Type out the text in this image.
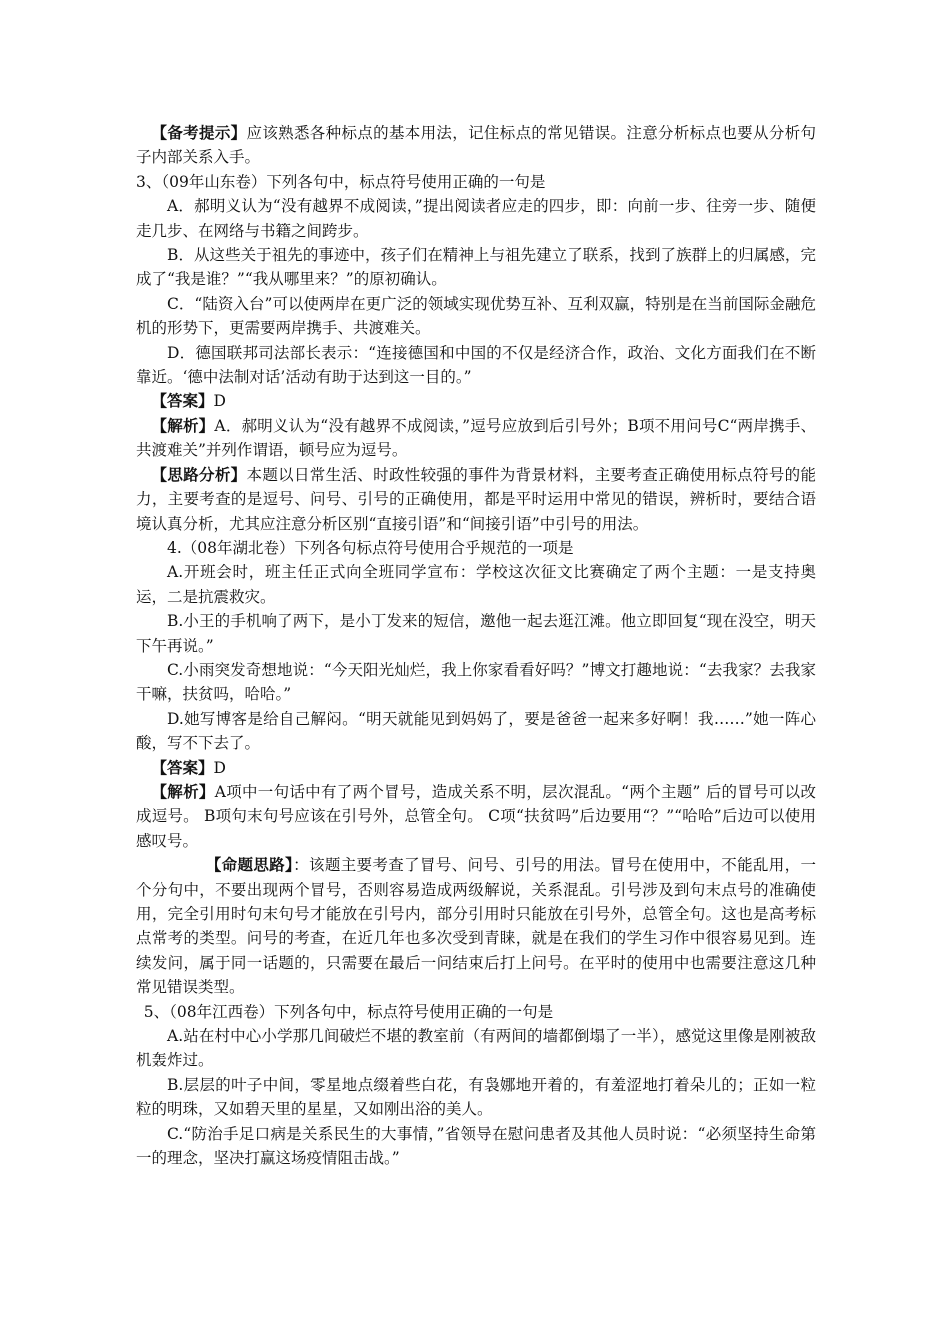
【备考提示】应该熟悉各种标点的基本用法，记住标点的常见错误。注意分析标点也要从分析句子内部关系入手。

3、（09年山东卷）下列各句中，标点符号使用正确的一句是

A．郝明义认为“没有越界不成阅读，”提出阅读者应走的四步，即：向前一步、往旁一步、随便走几步、在网络与书籍之间跨步。

B．从这些关于祖先的事迹中，孩子们在精神上与祖先建立了联系，找到了族群上的归属感，完成了“我是谁？”“我从哪里来？”的原初确认。

C．“陆资入台”可以使两岸在更广泛的领域实现优势互补、互利双赢，特别是在当前国际金融危机的形势下，更需要两岸携手、共渡难关。

D．德国联邦司法部长表示：“连接德国和中国的不仅是经济合作，政治、文化方面我们在不断靠近。‘德中法制对话’活动有助于达到这一目的。”

【答案】D

【解析】A．郝明义认为“没有越界不成阅读，”逗号应放到后引号外；B项不用问号C“两岸携手、共渡难关”并列作谓语，顿号应为逗号。

【思路分析】本题以日常生活、时政性较强的事件为背景材料，主要考查正确使用标点符号的能力，主要考查的是逗号、问号、引号的正确使用，都是平时运用中常见的错误，辨析时，要结合语境认真分析，尤其应注意分析区别“直接引语”和“间接引语”中引号的用法。

4.（08年湖北卷）下列各句标点符号使用合乎规范的一项是

A.开班会时，班主任正式向全班同学宣布：学校这次征文比赛确定了两个主题：一是支持奥运，二是抗震救灾。

B.小王的手机响了两下，是小丁发来的短信，邀他一起去逛江滩。他立即回复“现在没空，明天下午再说。”

C.小雨突发奇想地说：“今天阳光灿烂，我上你家看看好吗？”博文打趣地说：“去我家？去我家干嘛，扶贫吗，哈哈。”

D.她写博客是给自己解闷。“明天就能见到妈妈了，要是爸爸一起来多好啊！我……”她一阵心酸，写不下去了。

【答案】D

【解析】A项中一句话中有了两个冒号，造成关系不明，层次混乱。“两个主题” 后的冒号可以改成逗号。 B项句末句号应该在引号外，总管全句。 C项“扶贫吗”后边要用“？”“哈哈”后边可以使用感叹号。

【命题思路】：该题主要考查了冒号、问号、引号的用法。冒号在使用中，不能乱用，一个分句中，不要出现两个冒号，否则容易造成两级解说，关系混乱。引号涉及到句末点号的准确使用，完全引用时句末句号才能放在引号内，部分引用时只能放在引号外，总管全句。这也是高考标点常考的类型。问号的考查，在近几年也多次受到青睐，就是在我们的学生习作中很容易见到。连续发问，属于同一话题的，只需要在最后一问结束后打上问号。在平时的使用中也需要注意这几种常见错误类型。

5、（08年江西卷）下列各句中，标点符号使用正确的一句是

A.站在村中心小学那几间破烂不堪的教室前（有两间的墙都倒塌了一半），感觉这里像是刚被敌机轰炸过。

B.层层的叶子中间，零星地点缀着些白花，有袅娜地开着的，有羞涩地打着朵儿的；正如一粒粒的明珠，又如碧天里的星星，又如刚出浴的美人。

C.“防治手足口病是关系民生的大事情，”省领导在慰问患者及其他人员时说：“必须坚持生命第一的理念，坚决打赢这场疫情阻击战。”
